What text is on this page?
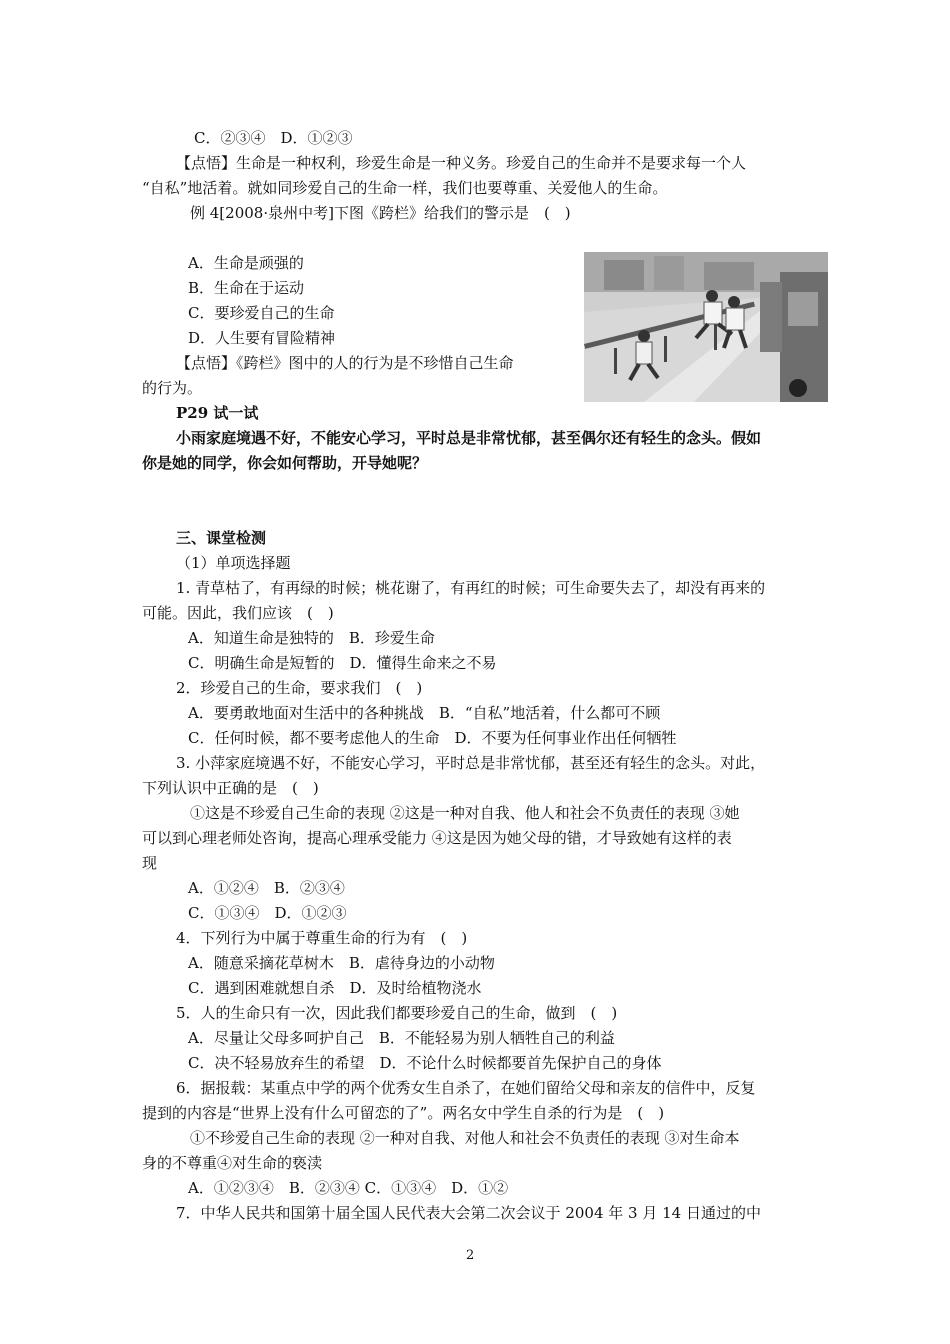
C．②③④　D．①②③
【点悟】生命是一种权利，珍爱生命是一种义务。珍爱自己的生命并不是要求每一个人
“自私”地活着。就如同珍爱自己的生命一样，我们也要尊重、关爱他人的生命。
例 4[2008·泉州中考]下图《跨栏》给我们的警示是　(　)
A．生命是顽强的
B．生命在于运动
C．要珍爱自己的生命
D．人生要有冒险精神
【点悟】《跨栏》图中的人的行为是不珍惜自己生命
的行为。
P29 试一试
小雨家庭境遇不好，不能安心学习，平时总是非常忧郁，甚至偶尔还有轻生的念头。假如
你是她的同学，你会如何帮助，开导她呢？
三、课堂检测
（1）单项选择题
1. 青草枯了，有再绿的时候；桃花谢了，有再红的时候；可生命要失去了，却没有再来的
可能。因此，我们应该　(　)
A．知道生命是独特的　B．珍爱生命
C．明确生命是短暂的　D．懂得生命来之不易
2．珍爱自己的生命，要求我们　(　)
A．要勇敢地面对生活中的各种挑战　B．“自私”地活着，什么都可不顾
C．任何时候，都不要考虑他人的生命　D．不要为任何事业作出任何牺牲
3. 小萍家庭境遇不好，不能安心学习，平时总是非常忧郁，甚至还有轻生的念头。对此，
下列认识中正确的是　(　)
①这是不珍爱自己生命的表现 ②这是一种对自我、他人和社会不负责任的表现 ③她
可以到心理老师处咨询，提高心理承受能力 ④这是因为她父母的错，才导致她有这样的表
现
A．①②④　B．②③④
C．①③④　D．①②③
4．下列行为中属于尊重生命的行为有　(　)
A．随意采摘花草树木　B．虐待身边的小动物
C．遇到困难就想自杀　D．及时给植物浇水
5．人的生命只有一次，因此我们都要珍爱自己的生命，做到　(　)
A．尽量让父母多呵护自己　B．不能轻易为别人牺牲自己的利益
C．决不轻易放弃生的希望　D．不论什么时候都要首先保护自己的身体
6．据报载：某重点中学的两个优秀女生自杀了，在她们留给父母和亲友的信件中，反复
提到的内容是“世界上没有什么可留恋的了”。两名女中学生自杀的行为是　(　)
①不珍爱自己生命的表现 ②一种对自我、对他人和社会不负责任的表现 ③对生命本
身的不尊重④对生命的亵渎
A．①②③④　B．②③④ C．①③④　D．①②
7．中华人民共和国第十届全国人民代表大会第二次会议于 2004 年 3 月 14 日通过的中
2
